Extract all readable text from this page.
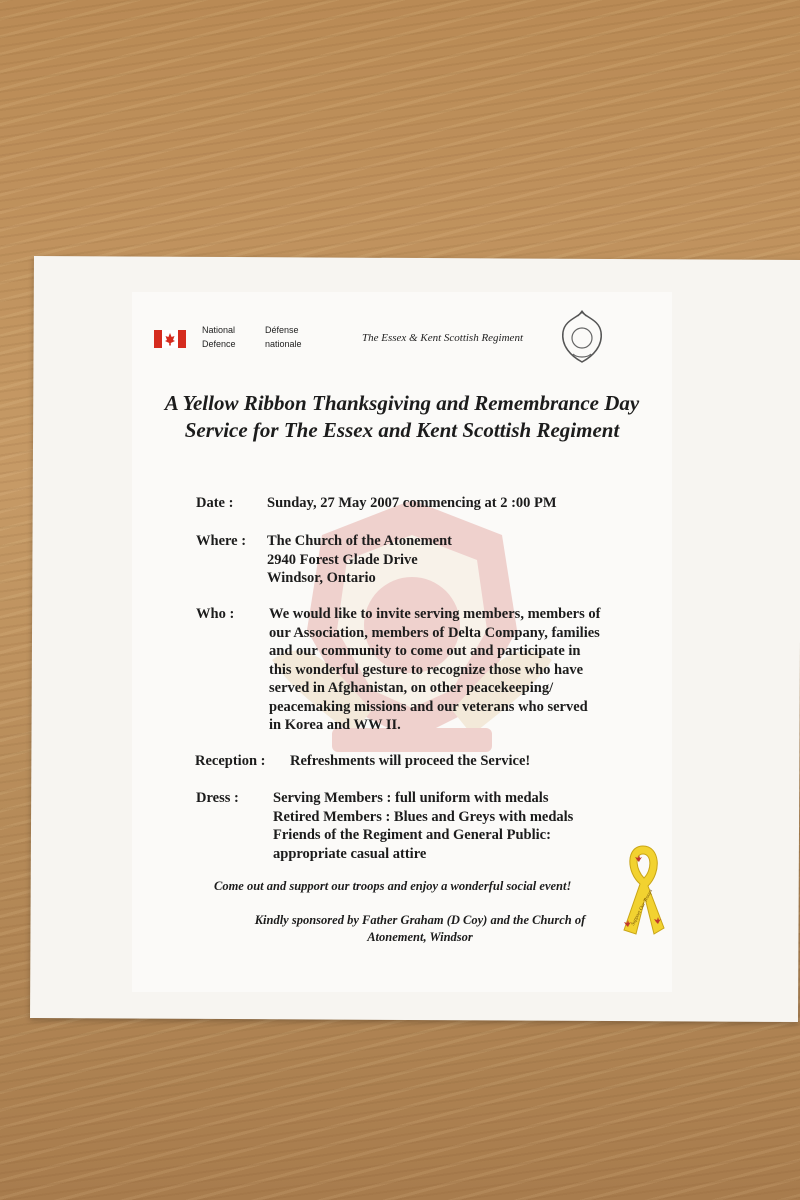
National Defence
Défense nationale	The Essex & Kent Scottish Regiment
A Yellow Ribbon Thanksgiving and Remembrance Day Service for The Essex and Kent Scottish Regiment
Date : Sunday, 27 May 2007 commencing at 2 :00 PM
Where : The Church of the Atonement
2940 Forest Glade Drive
Windsor, Ontario
Who : We would like to invite serving members, members of
our Association, members of Delta Company, families
and our community to come out and participate in
this wonderful gesture to recognize those who have
served in Afghanistan, on other peacekeeping/
peacemaking missions and our veterans who served
in Korea and WW II.
Reception : Refreshments will proceed the Service!
Dress : Serving Members : full uniform with medals
Retired Members : Blues and Greys with medals
Friends of the Regiment and General Public:
appropriate casual attire
Come out and support our troops and enjoy a wonderful social event!
Kindly sponsored by Father Graham (D Coy) and the Church of Atonement, Windsor
Support Our Troops
